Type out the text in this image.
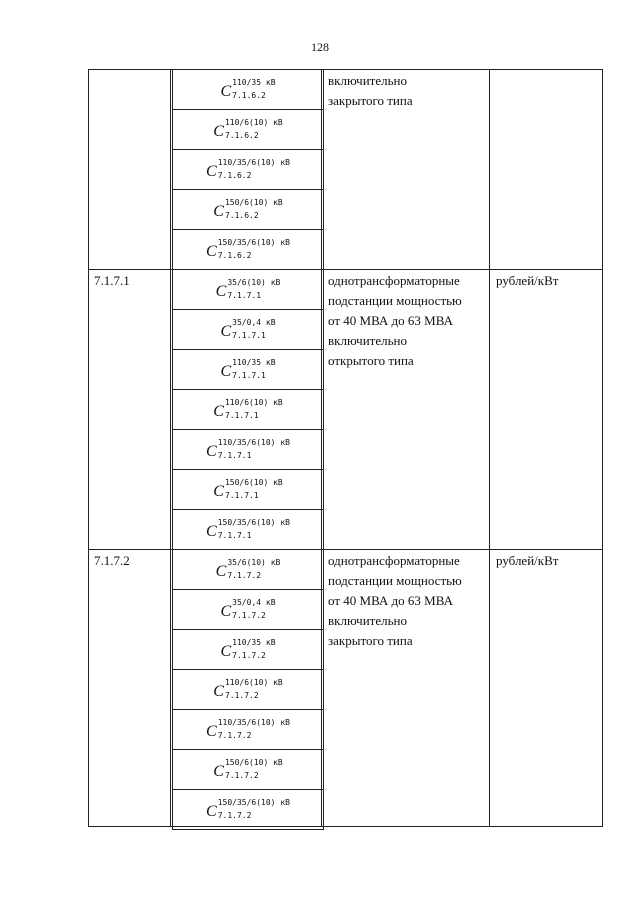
128
включительно
закрытого типа
C
110/35 кВ
7.1.6.2
C
110/6(10) кВ
7.1.6.2
C
110/35/6(10) кВ
7.1.6.2
C
150/6(10) кВ
7.1.6.2
C
150/35/6(10) кВ
7.1.6.2
7.1.7.1	однотрансформаторные
подстанции мощностью
от 40 МВА до 63 МВА
включительно
открытого типа
рублей/кВт
C
35/6(10) кВ
7.1.7.1
C
35/0,4 кВ
7.1.7.1
C
110/35 кВ
7.1.7.1
C
110/6(10) кВ
7.1.7.1
C
110/35/6(10) кВ
7.1.7.1
C
150/6(10) кВ
7.1.7.1
C
150/35/6(10) кВ
7.1.7.1
7.1.7.2	однотрансформаторные
подстанции мощностью
от 40 МВА до 63 МВА
включительно
закрытого типа
рублей/кВт
C
35/6(10) кВ
7.1.7.2
C
35/0,4 кВ
7.1.7.2
C
110/35 кВ
7.1.7.2
C
110/6(10) кВ
7.1.7.2
C
110/35/6(10) кВ
7.1.7.2
C
150/6(10) кВ
7.1.7.2
C
150/35/6(10) кВ
7.1.7.2
